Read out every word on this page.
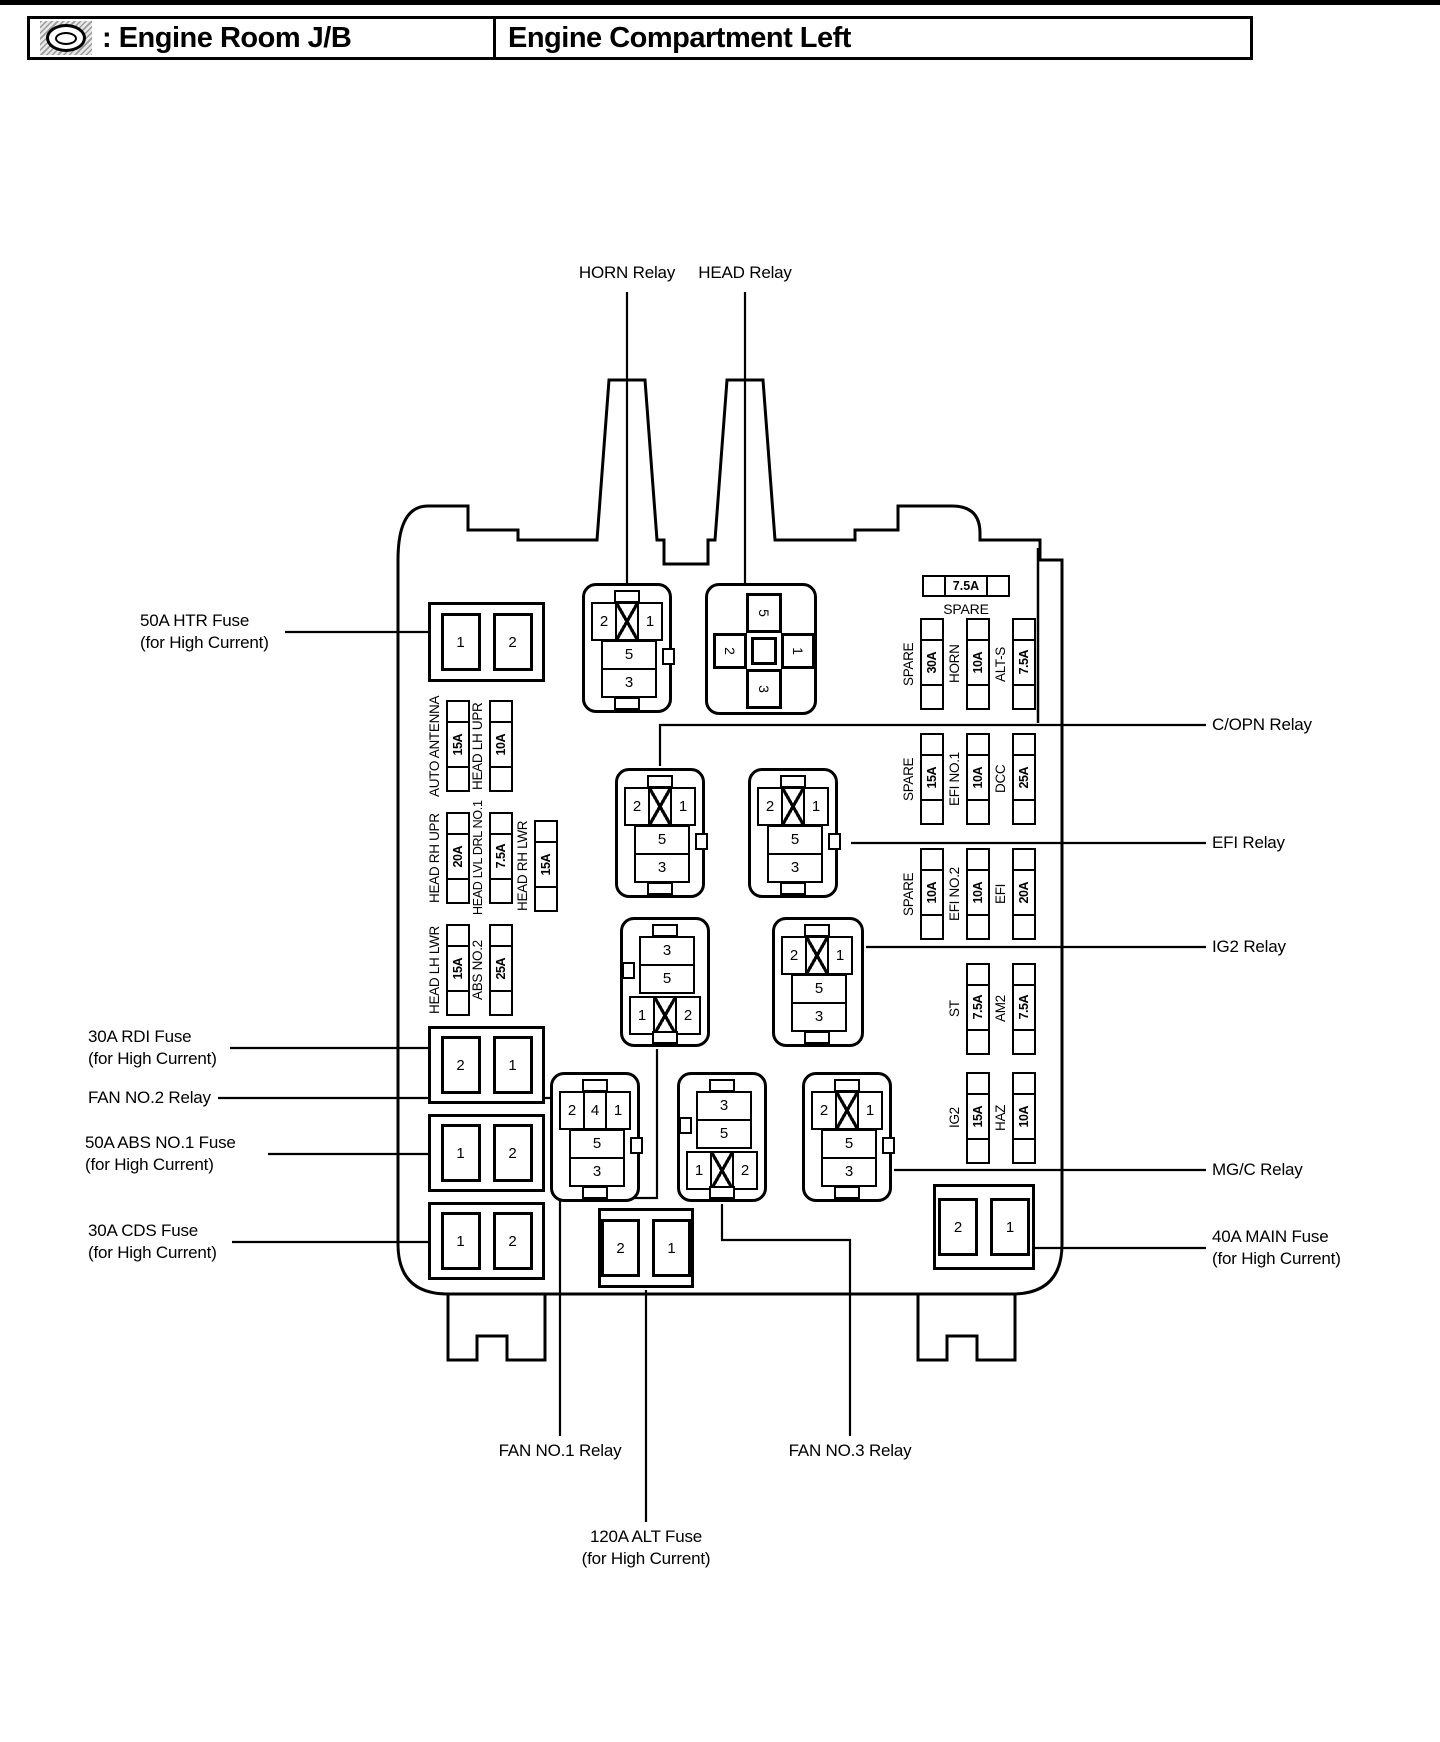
: Engine Room J/B	Engine Compartment Left
HORN Relay	HEAD Relay
50A HTR Fuse
(for High Current)
30A RDI Fuse
(for High Current)
FAN NO.2 Relay
50A ABS NO.1 Fuse
(for High Current)
30A CDS Fuse
(for High Current)
C/OPN Relay
EFI Relay
IG2 Relay
MG/C Relay
40A MAIN Fuse
(for High Current)
FAN NO.1 Relay	FAN NO.3 Relay
120A ALT Fuse
(for High Current)
1	2
2	1
1	2
1	2
2	1
2	1
AUTO ANTENNA 15A HEAD LH UPR 10A
HEAD RH UPR 20A HEAD LVL DRL NO.1 7.5A HEAD RH LWR 15A
HEAD LH LWR 15A ABS NO.2 25A
7.5A
SPARE
SPARE 30A HORN 10A ALT-S 7.5A
SPARE 15A EFI NO.1 10A DCC 25A
SPARE 10A EFI NO.2 10A EFI 20A
ST 7.5A AM2 7.5A
IG2 15A HAZ 10A
2	1
5
3
5
2	1
3
2	1
5
3
2	1
5
3
3
5
1	2
2	1
5
3
2 4 1
5
3
3
5
1	2
2	1
5
3
